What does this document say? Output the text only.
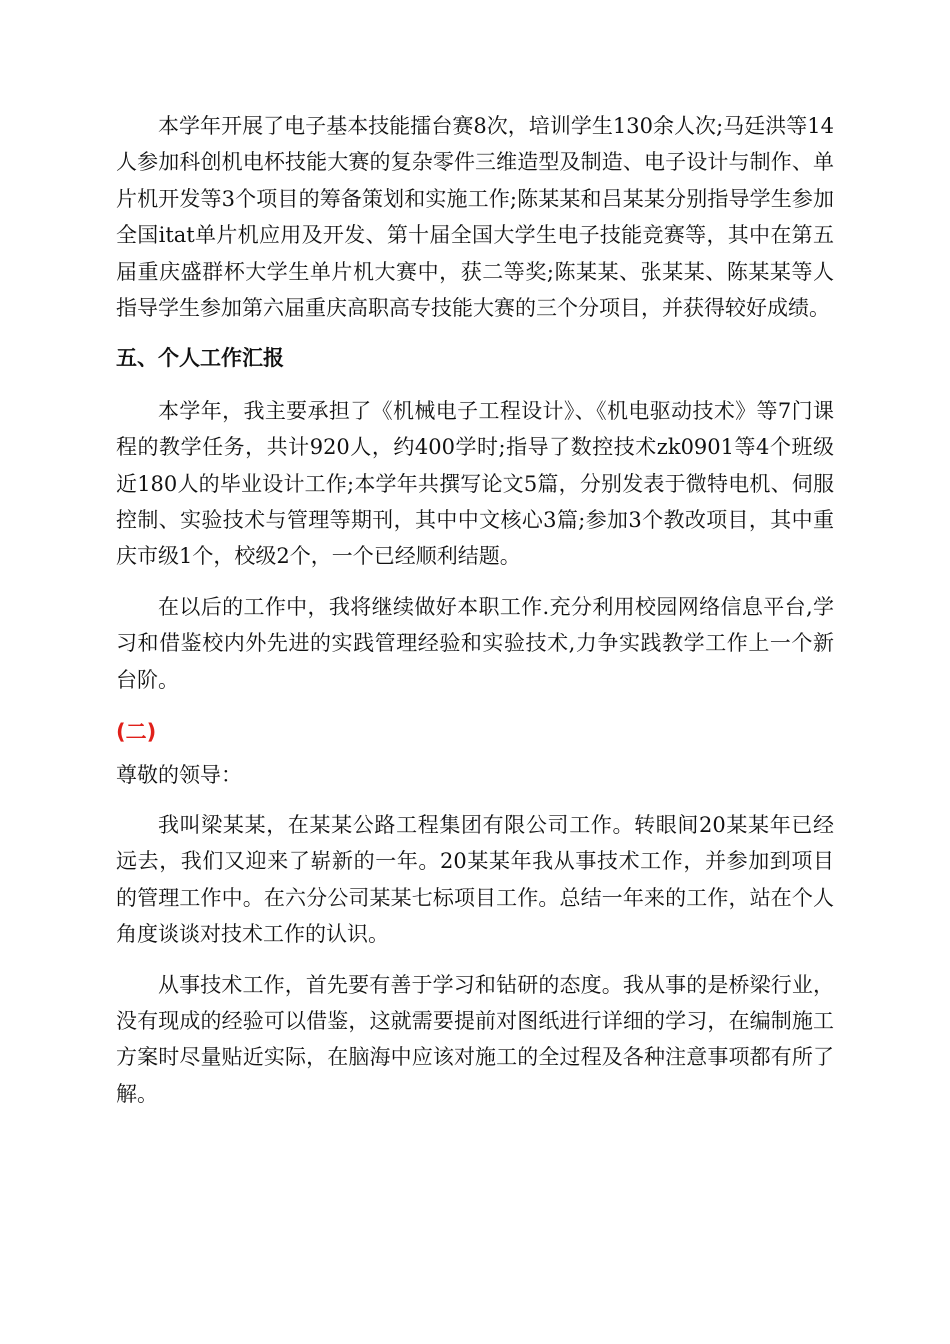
本学年开展了电子基本技能擂台赛8次，培训学生130余人次;马廷洪等14人参加科创机电杯技能大赛的复杂零件三维造型及制造、电子设计与制作、单片机开发等3个项目的筹备策划和实施工作;陈某某和吕某某分别指导学生参加全国itat单片机应用及开发、第十届全国大学生电子技能竞赛等，其中在第五届重庆盛群杯大学生单片机大赛中，获二等奖;陈某某、张某某、陈某某等人指导学生参加第六届重庆高职高专技能大赛的三个分项目，并获得较好成绩。

五、个人工作汇报

本学年，我主要承担了《机械电子工程设计》、《机电驱动技术》等7门课程的教学任务，共计920人，约400学时;指导了数控技术zk0901等4个班级近180人的毕业设计工作;本学年共撰写论文5篇，分别发表于微特电机、伺服控制、实验技术与管理等期刊，其中中文核心3篇;参加3个教改项目，其中重庆市级1个，校级2个，一个已经顺利结题。

在以后的工作中，我将继续做好本职工作.充分利用校园网络信息平台,学习和借鉴校内外先进的实践管理经验和实验技术,力争实践教学工作上一个新台阶。

(二)

尊敬的领导：

我叫梁某某，在某某公路工程集团有限公司工作。转眼间20某某年已经远去，我们又迎来了崭新的一年。20某某年我从事技术工作，并参加到项目的管理工作中。在六分公司某某七标项目工作。总结一年来的工作，站在个人角度谈谈对技术工作的认识。

从事技术工作，首先要有善于学习和钻研的态度。我从事的是桥梁行业，没有现成的经验可以借鉴，这就需要提前对图纸进行详细的学习，在编制施工方案时尽量贴近实际，在脑海中应该对施工的全过程及各种注意事项都有所了解。
